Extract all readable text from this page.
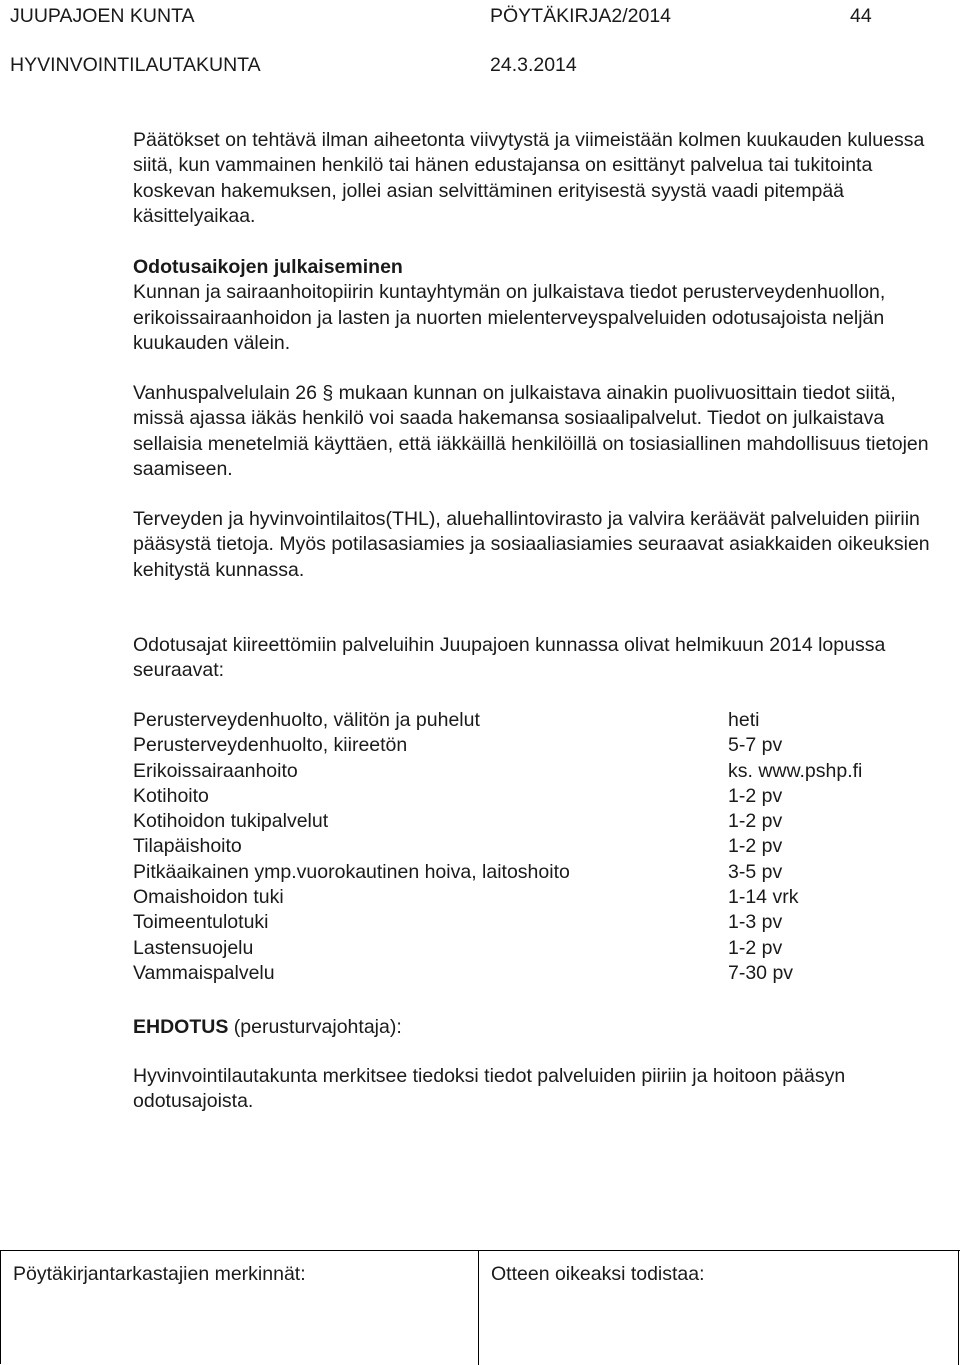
JUUPAJOEN KUNTA	PÖYTÄKIRJA2/2014	44
HYVINVOINTILAUTAKUNTA	24.3.2014

Päätökset on tehtävä ilman aiheetonta viivytystä ja viimeistään kolmen kuukauden kuluessa siitä, kun vammainen henkilö tai hänen edustajansa on esittänyt palvelua tai tukitointa koskevan hakemuksen, jollei asian selvittäminen erityisestä syystä vaadi pitempää käsittelyaikaa.

Odotusaikojen julkaiseminen

Kunnan ja sairaanhoitopiirin kuntayhtymän on julkaistava tiedot perusterveydenhuollon, erikoissairaanhoidon ja lasten ja nuorten mielenterveyspalveluiden odotusajoista neljän kuukauden välein.

Vanhuspalvelulain 26 § mukaan kunnan on julkaistava ainakin puolivuosittain tiedot siitä, missä ajassa iäkäs henkilö voi saada hakemansa sosiaalipalvelut. Tiedot on julkaistava sellaisia menetelmiä käyttäen, että iäkkäillä henkilöillä on tosiasiallinen mahdollisuus tietojen saamiseen.

Terveyden ja hyvinvointilaitos(THL), aluehallintovirasto ja valvira keräävät palveluiden piiriin pääsystä tietoja. Myös potilasasiamies ja sosiaaliasiamies seuraavat asiakkaiden oikeuksien kehitystä kunnassa.

Odotusajat kiireettömiin palveluihin Juupajoen kunnassa olivat helmikuun 2014 lopussa seuraavat:

Perusterveydenhuolto, välitön ja puhelut	heti
Perusterveydenhuolto, kiireetön	5-7 pv
Erikoissairaanhoito	ks. www.pshp.fi
Kotihoito	1-2 pv
Kotihoidon tukipalvelut	1-2 pv
Tilapäishoito	1-2 pv
Pitkäaikainen ymp.vuorokautinen hoiva, laitoshoito	3-5 pv
Omaishoidon tuki	1-14 vrk
Toimeentulotuki	1-3 pv
Lastensuojelu	1-2 pv
Vammaispalvelu	7-30 pv

EHDOTUS (perusturvajohtaja):

Hyvinvointilautakunta merkitsee tiedoksi tiedot palveluiden piiriin ja hoitoon pääsyn odotusajoista.

Pöytäkirjantarkastajien merkinnät:	Otteen oikeaksi todistaa:
